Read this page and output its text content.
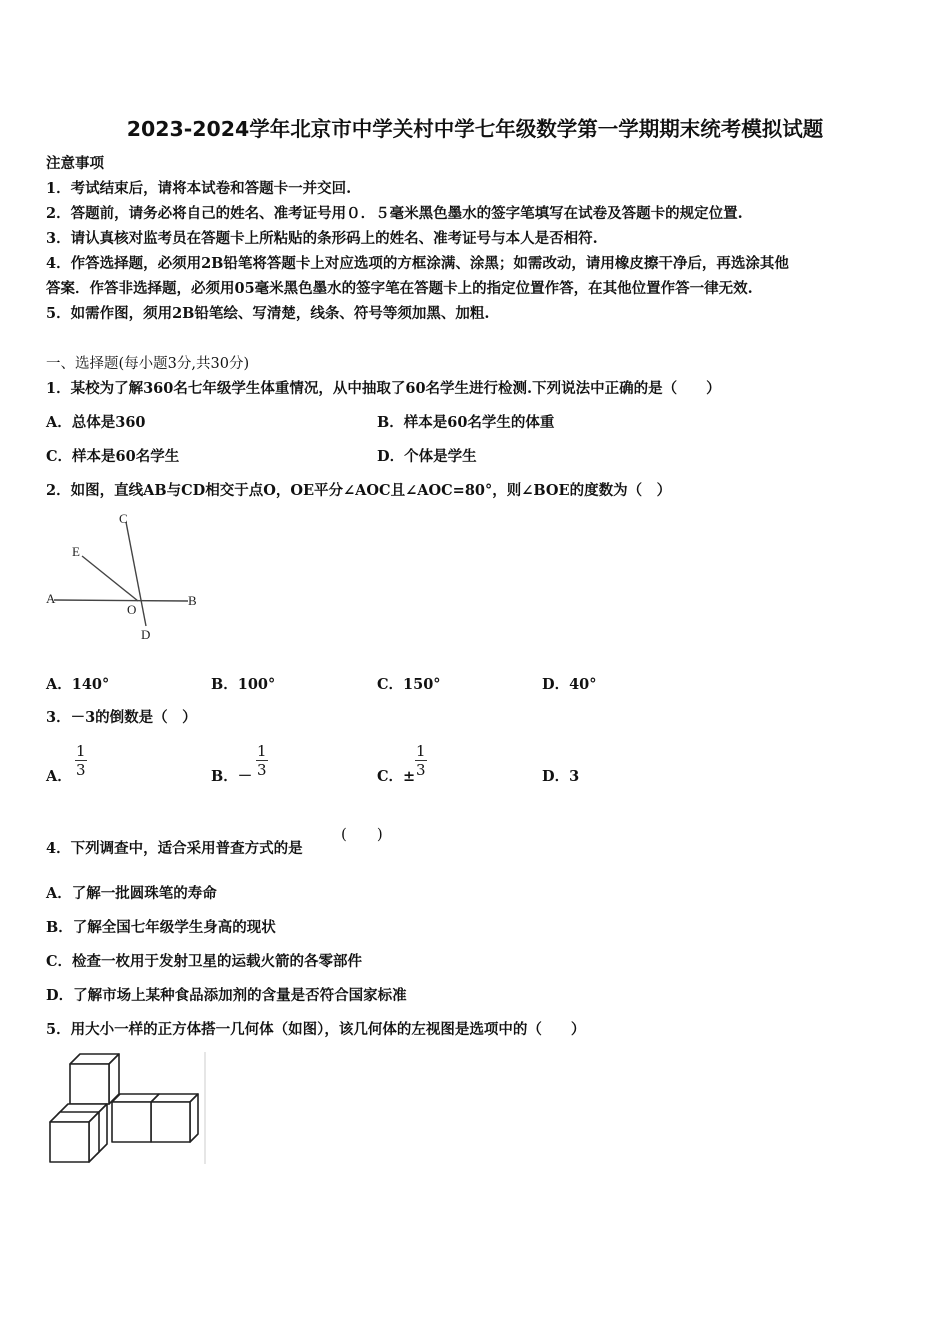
2023-2024学年北京市中学关村中学七年级数学第一学期期末统考模拟试题
注意事项
1．考试结束后，请将本试卷和答题卡一并交回.
2．答题前，请务必将自己的姓名、准考证号用０．５毫米黑色墨水的签字笔填写在试卷及答题卡的规定位置.
3．请认真核对监考员在答题卡上所粘贴的条形码上的姓名、准考证号与本人是否相符.
4．作答选择题，必须用2B铅笔将答题卡上对应选项的方框涂满、涂黑；如需改动，请用橡皮擦干净后，再选涂其他
答案．作答非选择题，必须用05毫米黑色墨水的签字笔在答题卡上的指定位置作答，在其他位置作答一律无效.
5．如需作图，须用2B铅笔绘、写清楚，线条、符号等须加黑、加粗.
一、选择题(每小题3分,共30分)
1．某校为了解360名七年级学生体重情况，从中抽取了60名学生进行检测.下列说法中正确的是（　　）
A．总体是360	B．样本是60名学生的体重
C．样本是60名学生	D．个体是学生
2．如图，直线AB与CD相交于点O，OE平分∠AOC且∠AOC=80°，则∠BOE的度数为（　）
A	B
C
D
E
O
A．140°	B．100°	C．150°	D．40°
3．－3的倒数是（　）
A． $\frac{1}{3}$	B．－ $\frac{1}{3}$	C．± $\frac{1}{3}$	D．3
4．下列调查中，适合采用普查方式的是
(　　)
A．了解一批圆珠笔的寿命
B．了解全国七年级学生身高的现状
C．检查一枚用于发射卫星的运载火箭的各零部件
D．了解市场上某种食品添加剂的含量是否符合国家标准
5．用大小一样的正方体搭一几何体（如图），该几何体的左视图是选项中的（　　）
